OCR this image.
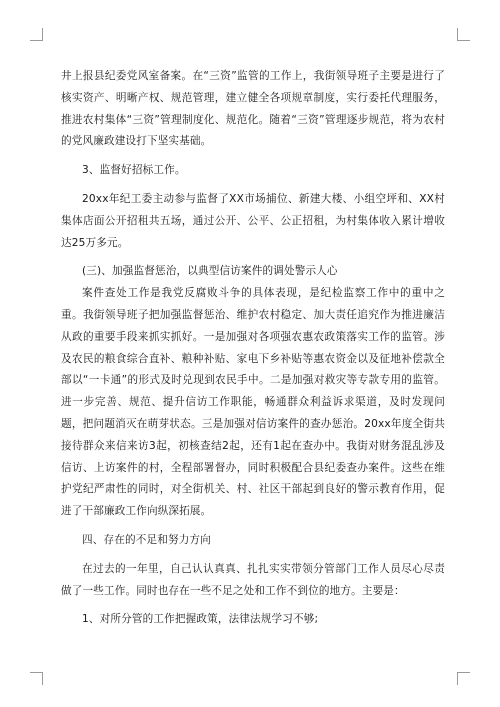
井上报县纪委党风室备案。在“三资”监管的工作上，我街领导班子主要是进行了核实资产、明晰产权、规范管理，建立健全各项规章制度，实行委托代理服务，推进农村集体“三资”管理制度化、规范化。随着“三资”管理逐步规范，将为农村的党风廉政建设打下坚实基础。

3、监督好招标工作。

20xx年纪工委主动参与监督了XX市场捕位、新建大楼、小组空坪和、XX村集体店面公开招租共五场，通过公开、公平、公正招租，为村集体收入累计增收达25万多元。

(三)、加强监督惩治，以典型信访案件的调处警示人心

案件查处工作是我党反腐败斗争的具体表现，是纪检监察工作中的重中之重。我街领导班子把加强监督惩治、维护农村稳定、加大责任追究作为推进廉洁从政的重要手段来抓实抓好。一是加强对各项强农惠农政策落实工作的监管。涉及农民的粮食综合直补、粮种补贴、家电下乡补贴等惠农资金以及征地补偿款全部以“一卡通”的形式及时兑现到农民手中。二是加强对救灾等专款专用的监管。进一步完善、规范、提升信访工作职能，畅通群众利益诉求渠道，及时发现问题，把问题消灭在萌芽状态。三是加强对信访案件的查办惩治。20xx年度全街共接待群众来信来访3起，初核查结2起，还有1起在查办中。我街对财务混乱涉及信访、上访案件的村，全程部署督办，同时积极配合县纪委查办案件。这些在维护党纪严肃性的同时，对全街机关、村、社区干部起到良好的警示教育作用，促进了干部廉政工作向纵深拓展。

四、存在的不足和努力方向

在过去的一年里，自己认认真真、扎扎实实带领分管部门工作人员尽心尽责做了一些工作。同时也存在一些不足之处和工作不到位的地方。主要是：

1、对所分管的工作把握政策，法律法规学习不够;
